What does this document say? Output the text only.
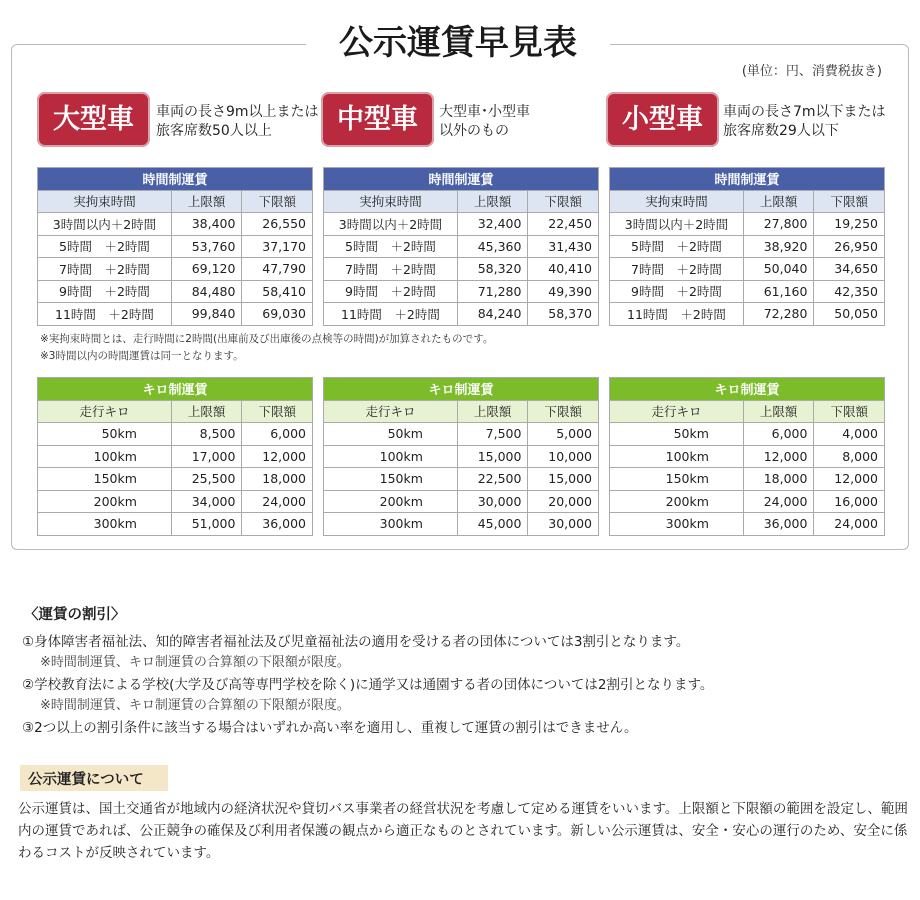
公示運賃早見表
(単位：円、消費税抜き)
大型車	車両の長さ9m以上または
旅客席数50人以上	中型車	大型車･小型車
以外のもの	小型車	車両の長さ7m以下または
旅客席数29人以下
時間制運賃		
実拘束時間	上限額	下限額
3時間以内＋2時間	38,400	26,550
5時間　＋2時間	53,760	37,170
7時間　＋2時間	69,120	47,790
9時間　＋2時間	84,480	58,410
11時間　＋2時間	99,840	69,030
時間制運賃		
実拘束時間	上限額	下限額
3時間以内＋2時間	32,400	22,450
5時間　＋2時間	45,360	31,430
7時間　＋2時間	58,320	40,410
9時間　＋2時間	71,280	49,390
11時間　＋2時間	84,240	58,370
時間制運賃		
実拘束時間	上限額	下限額
3時間以内＋2時間	27,800	19,250
5時間　＋2時間	38,920	26,950
7時間　＋2時間	50,040	34,650
9時間　＋2時間	61,160	42,350
11時間　＋2時間	72,280	50,050
※実拘束時間とは、走行時間に2時間(出庫前及び出庫後の点検等の時間)が加算されたものです。
※3時間以内の時間運賃は同一となります。
キロ制運賃		
走行キロ	上限額	下限額
50km	8,500	6,000
100km	17,000	12,000
150km	25,500	18,000
200km	34,000	24,000
300km	51,000	36,000
キロ制運賃		
走行キロ	上限額	下限額
50km	7,500	5,000
100km	15,000	10,000
150km	22,500	15,000
200km	30,000	20,000
300km	45,000	30,000
キロ制運賃		
走行キロ	上限額	下限額
50km	6,000	4,000
100km	12,000	8,000
150km	18,000	12,000
200km	24,000	16,000
300km	36,000	24,000
〈運賃の割引〉
①身体障害者福祉法、知的障害者福祉法及び児童福祉法の適用を受ける者の団体については3割引となります。
※時間制運賃、キロ制運賃の合算額の下限額が限度。
②学校教育法による学校(大学及び高等専門学校を除く)に通学又は通園する者の団体については2割引となります。
※時間制運賃、キロ制運賃の合算額の下限額が限度。
③2つ以上の割引条件に該当する場合はいずれか高い率を適用し、重複して運賃の割引はできません。
公示運賃について
公示運賃は、国土交通省が地域内の経済状況や貸切バス事業者の経営状況を考慮して定める運賃をいいます。上限額と下限額の範囲を設定し、範囲内の運賃であれば、公正競争の確保及び利用者保護の観点から適正なものとされています。新しい公示運賃は、安全・安心の運行のため、安全に係わるコストが反映されています。
